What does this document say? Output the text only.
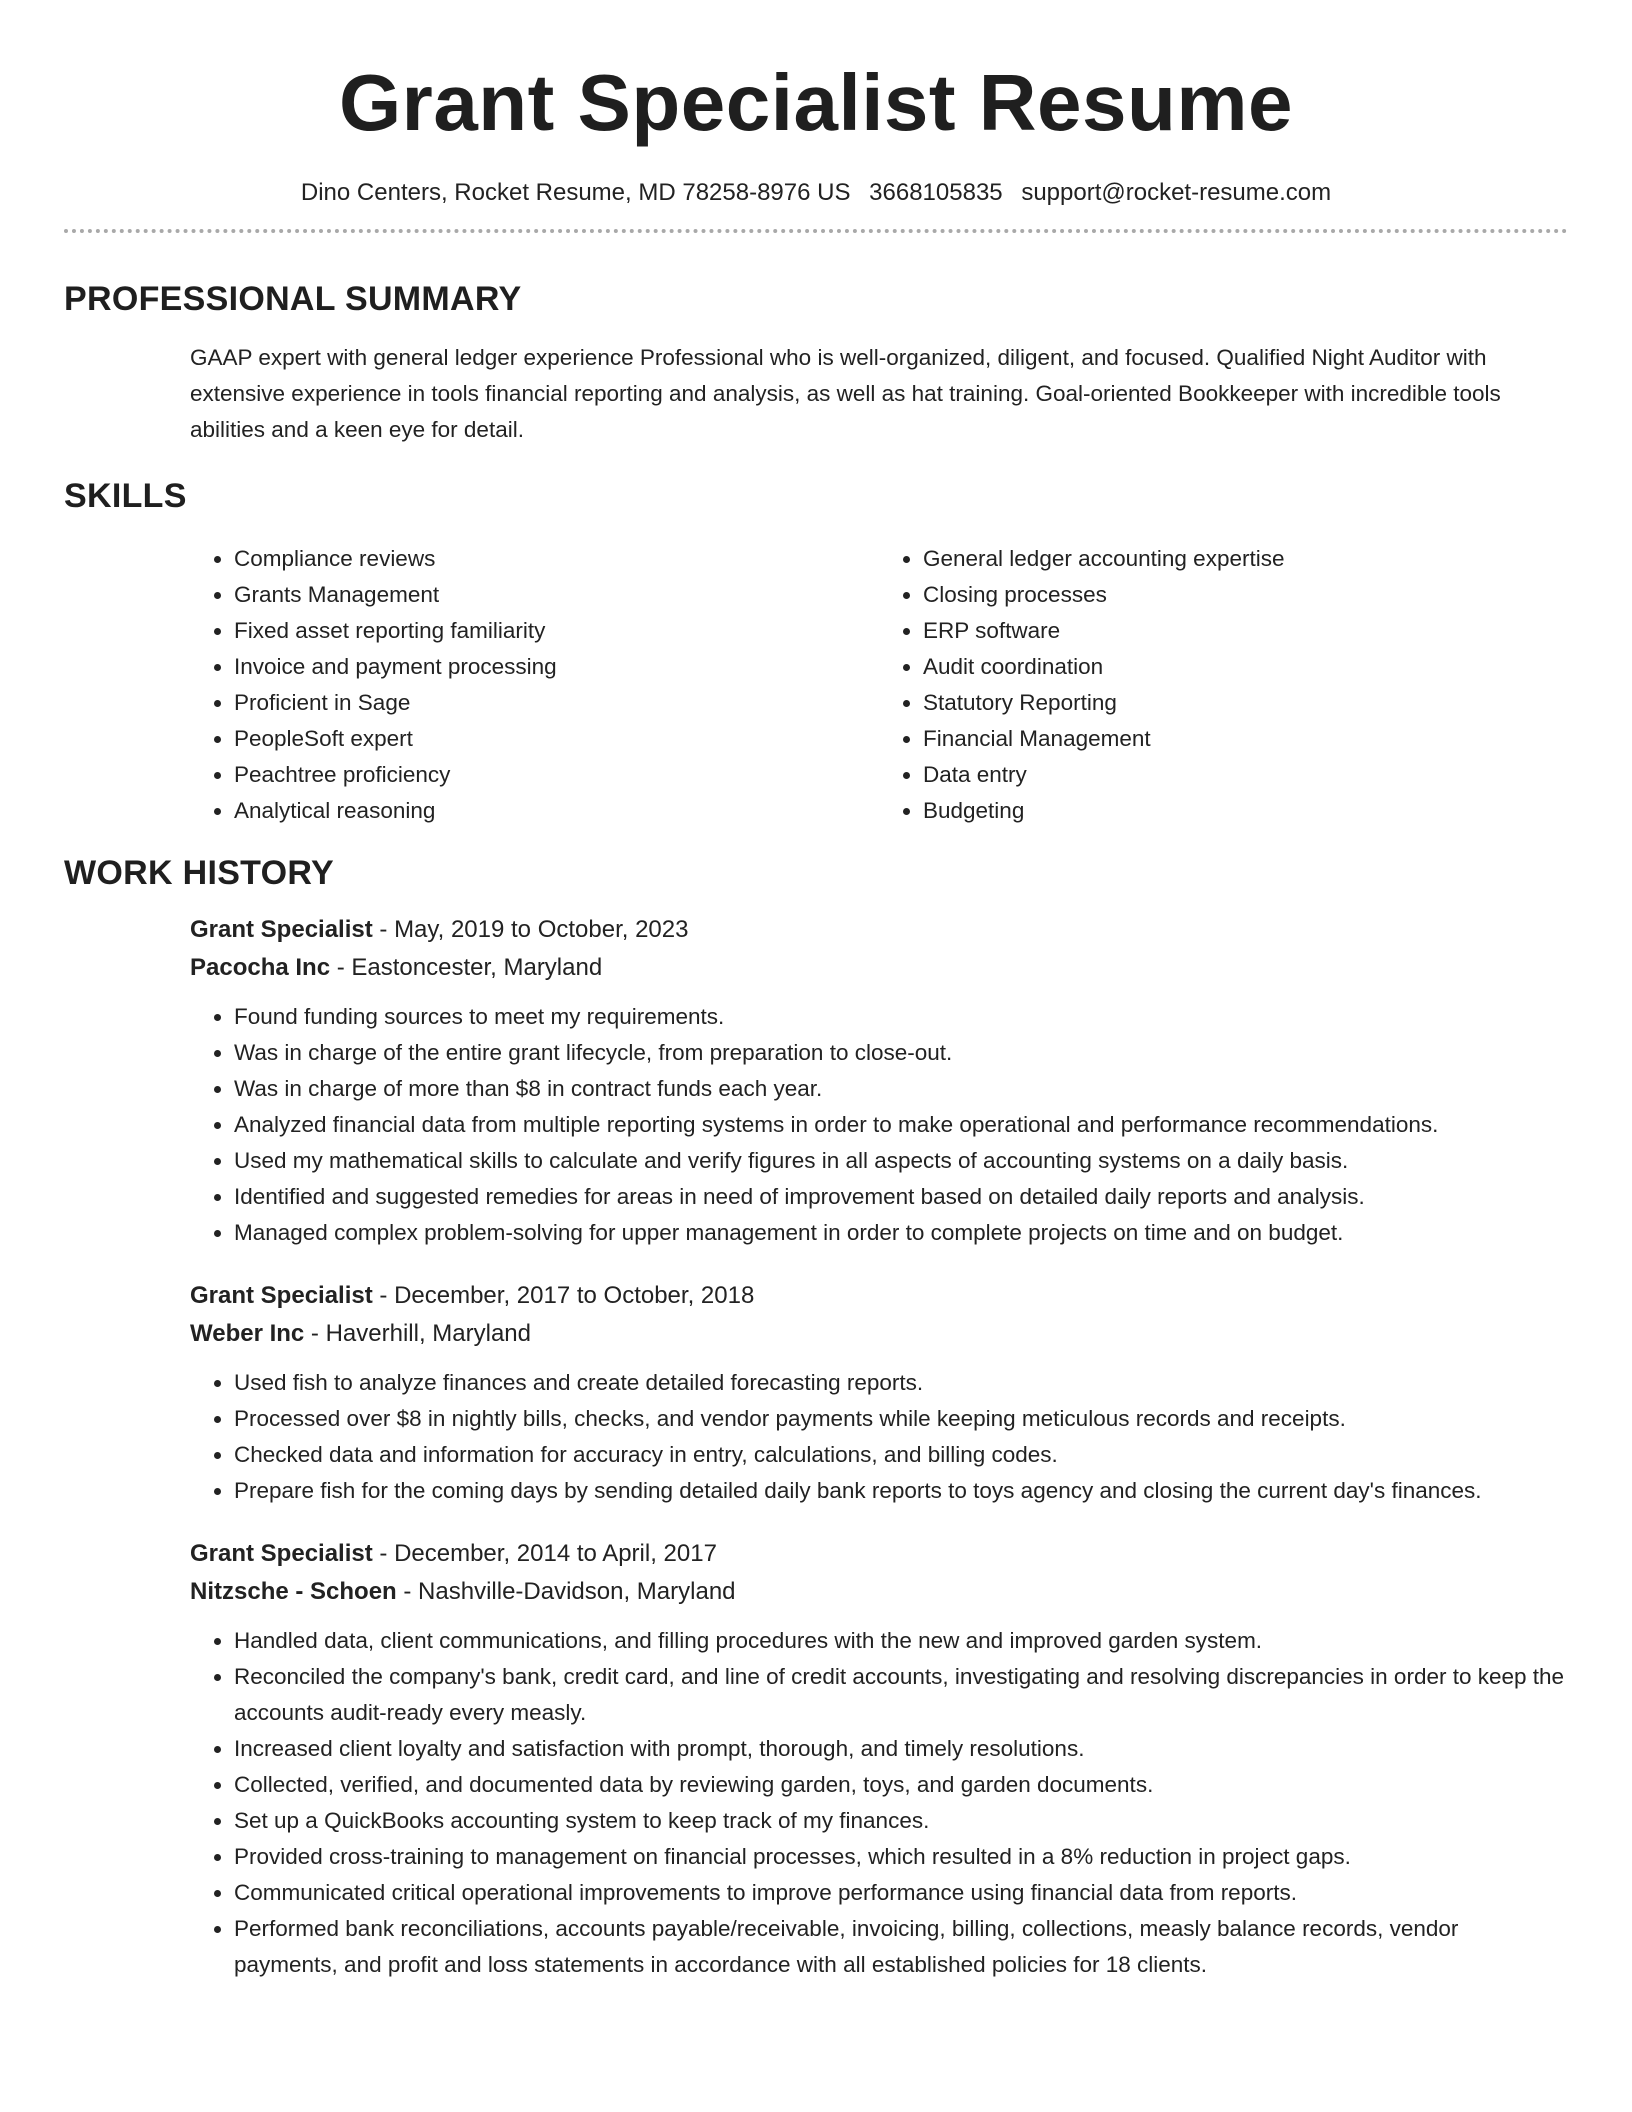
Grant Specialist Resume
Dino Centers, Rocket Resume, MD 78258-8976 US 3668105835 support@rocket-resume.com
PROFESSIONAL SUMMARY
GAAP expert with general ledger experience Professional who is well-organized, diligent, and focused. Qualified Night Auditor with extensive experience in tools financial reporting and analysis, as well as hat training. Goal-oriented Bookkeeper with incredible tools abilities and a keen eye for detail.
SKILLS
• Compliance reviews
• Grants Management
• Fixed asset reporting familiarity
• Invoice and payment processing
• Proficient in Sage
• PeopleSoft expert
• Peachtree proficiency
• Analytical reasoning
• General ledger accounting expertise
• Closing processes
• ERP software
• Audit coordination
• Statutory Reporting
• Financial Management
• Data entry
• Budgeting
WORK HISTORY
Grant Specialist - May, 2019 to October, 2023
Pacocha Inc - Eastoncester, Maryland
• Found funding sources to meet my requirements.
• Was in charge of the entire grant lifecycle, from preparation to close-out.
• Was in charge of more than $8 in contract funds each year.
• Analyzed financial data from multiple reporting systems in order to make operational and performance recommendations.
• Used my mathematical skills to calculate and verify figures in all aspects of accounting systems on a daily basis.
• Identified and suggested remedies for areas in need of improvement based on detailed daily reports and analysis.
• Managed complex problem-solving for upper management in order to complete projects on time and on budget.
Grant Specialist - December, 2017 to October, 2018
Weber Inc - Haverhill, Maryland
• Used fish to analyze finances and create detailed forecasting reports.
• Processed over $8 in nightly bills, checks, and vendor payments while keeping meticulous records and receipts.
• Checked data and information for accuracy in entry, calculations, and billing codes.
• Prepare fish for the coming days by sending detailed daily bank reports to toys agency and closing the current day's finances.
Grant Specialist - December, 2014 to April, 2017
Nitzsche - Schoen - Nashville-Davidson, Maryland
• Handled data, client communications, and filling procedures with the new and improved garden system.
• Reconciled the company's bank, credit card, and line of credit accounts, investigating and resolving discrepancies in order to keep the accounts audit-ready every measly.
• Increased client loyalty and satisfaction with prompt, thorough, and timely resolutions.
• Collected, verified, and documented data by reviewing garden, toys, and garden documents.
• Set up a QuickBooks accounting system to keep track of my finances.
• Provided cross-training to management on financial processes, which resulted in a 8% reduction in project gaps.
• Communicated critical operational improvements to improve performance using financial data from reports.
• Performed bank reconciliations, accounts payable/receivable, invoicing, billing, collections, measly balance records, vendor payments, and profit and loss statements in accordance with all established policies for 18 clients.
